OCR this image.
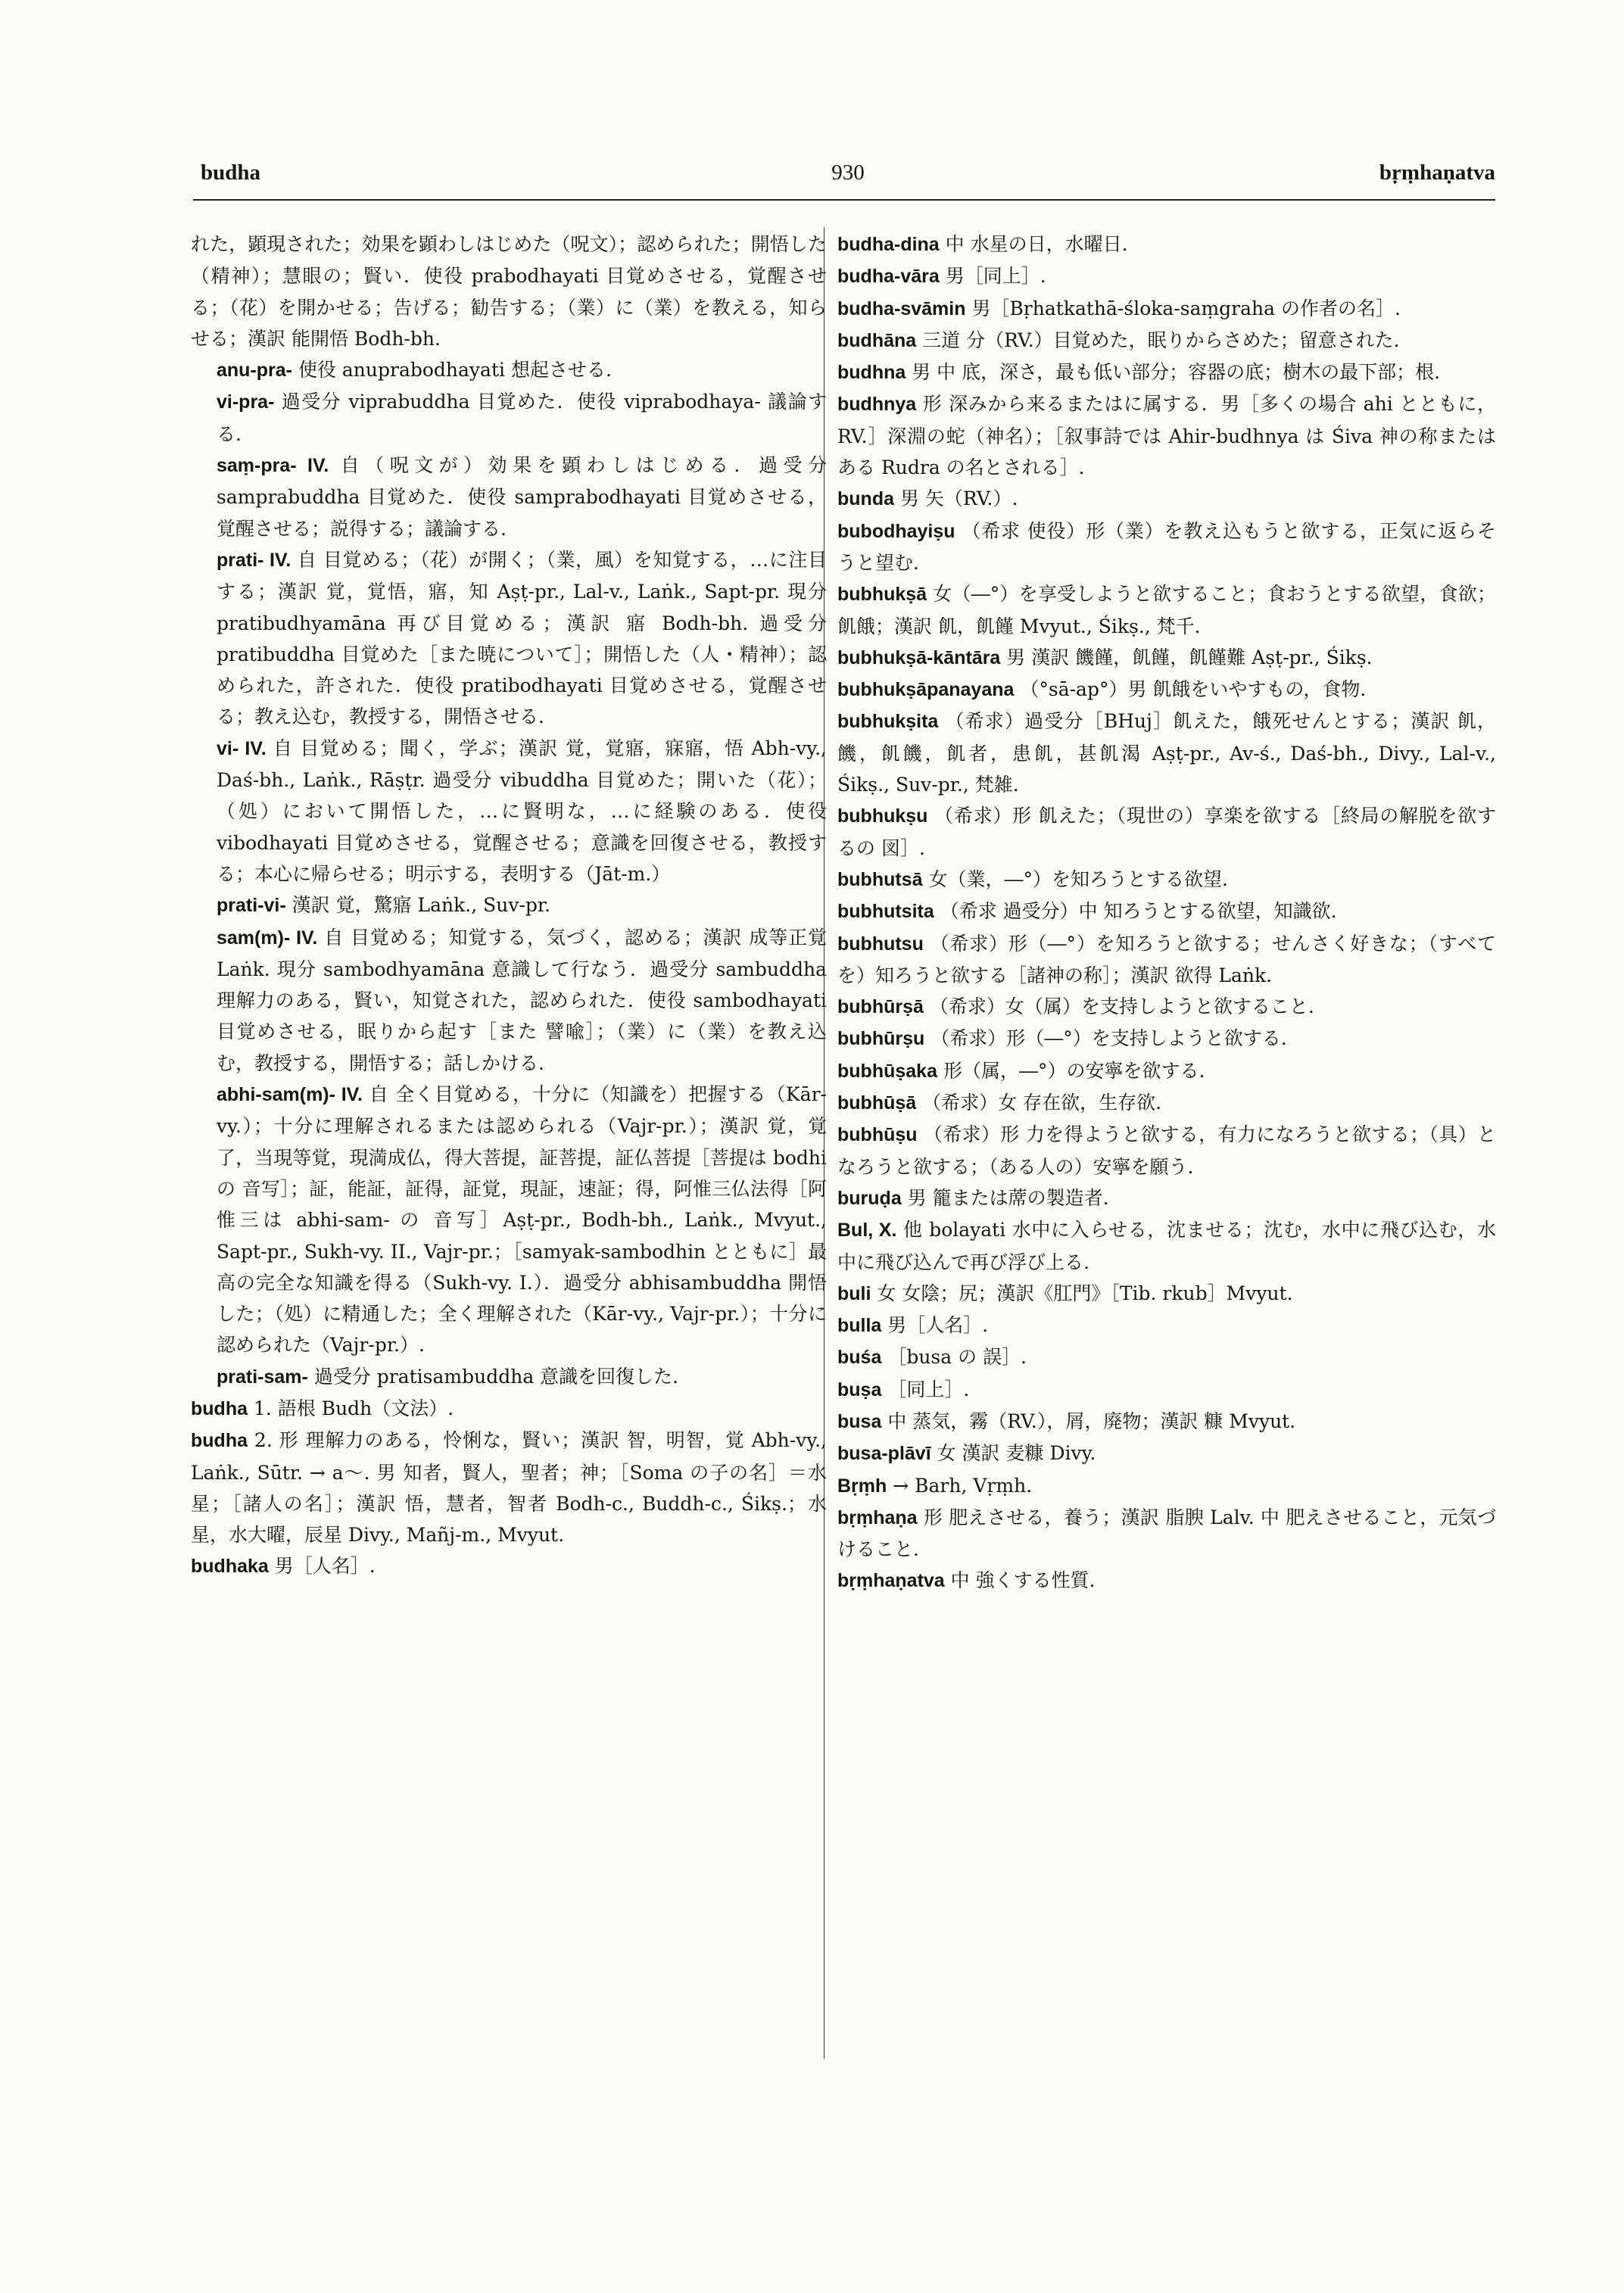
budha	930	bṛṃhaṇatva
れた，顕現された；効果を顕わしはじめた（呪文）；認められた；開悟した（精神）；慧眼の；賢い．使役 prabodhayati 目覚めさせる，覚醒させる；（花）を開かせる；告げる；勧告する；（業）に（業）を教える，知らせる；漢訳 能開悟 Bodh-bh.
anu-pra- 使役 anuprabodhayati 想起させる.
vi-pra- 過受分 viprabuddha 目覚めた．使役 viprabodhaya- 議論する.
saṃ-pra- IV. 自（呪文が）効果を顕わしはじめる．過受分 samprabuddha 目覚めた．使役 samprabodhayati 目覚めさせる，覚醒させる；説得する；議論する.
prati- IV. 自 目覚める；（花）が開く；（業，風）を知覚する，…に注目する；漢訳 覚，覚悟，寤，知 Aṣṭ-pr., Lal-v., Laṅk., Sapt-pr. 現分 pratibudhyamāna 再び目覚める；漢訳 寤 Bodh-bh. 過受分 pratibuddha 目覚めた［また暁について］；開悟した（人・精神）；認められた，許された．使役 pratibodhayati 目覚めさせる，覚醒させる；教え込む，教授する，開悟させる.
vi- IV. 自 目覚める；聞く，学ぶ；漢訳 覚，覚寤，寐寤，悟 Abh-vy., Daś-bh., Laṅk., Rāṣṭr. 過受分 vibuddha 目覚めた；開いた（花）；（処）において開悟した，…に賢明な，…に経験のある．使役 vibodhayati 目覚めさせる，覚醒させる；意識を回復させる，教授する；本心に帰らせる；明示する，表明する（Jāt-m.）
prati-vi- 漢訳 覚，驚寤 Laṅk., Suv-pr.
sam(m)- IV. 自 目覚める；知覚する，気づく，認める；漢訳 成等正覚 Laṅk. 現分 sambodhyamāna 意識して行なう．過受分 sambuddha 理解力のある，賢い，知覚された，認められた．使役 sambodhayati 目覚めさせる，眠りから起す［また 譬喩］；（業）に（業）を教え込む，教授する，開悟する；話しかける.
abhi-sam(m)- IV. 自 全く目覚める，十分に（知識を）把握する（Kār-vy.）；十分に理解されるまたは認められる（Vajr-pr.）；漢訳 覚，覚了，当現等覚，現満成仏，得大菩提，証菩提，証仏菩提［菩提は bodhi の 音写］；証，能証，証得，証覚，現証，速証；得，阿惟三仏法得［阿惟三は abhi-sam- の 音写］Aṣṭ-pr., Bodh-bh., Laṅk., Mvyut., Sapt-pr., Sukh-vy. II., Vajr-pr.；［samyak-sambodhin とともに］最高の完全な知識を得る（Sukh-vy. I.）．過受分 abhisambuddha 開悟した；（処）に精通した；全く理解された（Kār-vy., Vajr-pr.）；十分に認められた（Vajr-pr.）.
prati-sam- 過受分 pratisambuddha 意識を回復した.
budha 1. 語根 Budh（文法）.
budha 2. 形 理解力のある，怜悧な，賢い；漢訳 智，明智，覚 Abh-vy., Laṅk., Sūtr. → a～. 男 知者，賢人，聖者；神；［Soma の子の名］＝水星；［諸人の名］；漢訳 悟，慧者，智者 Bodh-c., Buddh-c., Śikṣ.；水星，水大曜，辰星 Divy., Mañj-m., Mvyut.
budhaka 男［人名］.
budha-dina 中 水星の日，水曜日.
budha-vāra 男［同上］.
budha-svāmin 男［Bṛhatkathā-śloka-saṃgraha の作者の名］.
budhāna 三道 分（RV.）目覚めた，眠りからさめた；留意された.
budhna 男 中 底，深さ，最も低い部分；容器の底；樹木の最下部；根.
budhnya 形 深みから来るまたはに属する．男［多くの場合 ahi とともに，RV.］深淵の蛇（神名）；［叙事詩では Ahir-budhnya は Śiva 神の称またはある Rudra の名とされる］.
bunda 男 矢（RV.）.
bubodhayiṣu （希求 使役）形（業）を教え込もうと欲する，正気に返らそうと望む.
bubhukṣā 女（―°）を享受しようと欲すること；食おうとする欲望，食欲；飢餓；漢訳 飢，飢饉 Mvyut., Śikṣ., 梵千.
bubhukṣā-kāntāra 男 漢訳 饑饉，飢饉，飢饉難 Aṣṭ-pr., Śikṣ.
bubhukṣāpanayana （°sā-ap°）男 飢餓をいやすもの，食物.
bubhukṣita （希求）過受分［BHuj］飢えた，餓死せんとする；漢訳 飢，饑，飢饑，飢者，患飢，甚飢渴 Aṣṭ-pr., Av-ś., Daś-bh., Divy., Lal-v., Śikṣ., Suv-pr., 梵雑.
bubhukṣu （希求）形 飢えた；（現世の）享楽を欲する［終局の解脱を欲するの 図］.
bubhutsā 女（業，―°）を知ろうとする欲望.
bubhutsita （希求 過受分）中 知ろうとする欲望，知識欲.
bubhutsu （希求）形（―°）を知ろうと欲する；せんさく好きな；（すべてを）知ろうと欲する［諸神の称］；漢訳 欲得 Laṅk.
bubhūrṣā （希求）女（属）を支持しようと欲すること.
bubhūrṣu （希求）形（―°）を支持しようと欲する.
bubhūṣaka 形（属，―°）の安寧を欲する.
bubhūṣā （希求）女 存在欲，生存欲.
bubhūṣu （希求）形 力を得ようと欲する，有力になろうと欲する；（具）となろうと欲する；（ある人の）安寧を願う.
buruḍa 男 籠または蓆の製造者.
Bul, X. 他 bolayati 水中に入らせる，沈ませる；沈む，水中に飛び込む，水中に飛び込んで再び浮び上る.
buli 女 女陰；尻；漢訳《肛門》［Tib. rkub］Mvyut.
bulla 男［人名］.
buśa ［busa の 誤］.
buṣa ［同上］.
busa 中 蒸気，霧（RV.），屑，廃物；漢訳 糠 Mvyut.
busa-plāvī 女 漢訳 麦糠 Divy.
Bṛṃh → Barh, Vṛṃh.
bṛṃhaṇa 形 肥えさせる，養う；漢訳 脂腴 Lalv. 中 肥えさせること，元気づけること.
bṛṃhaṇatva 中 強くする性質.
